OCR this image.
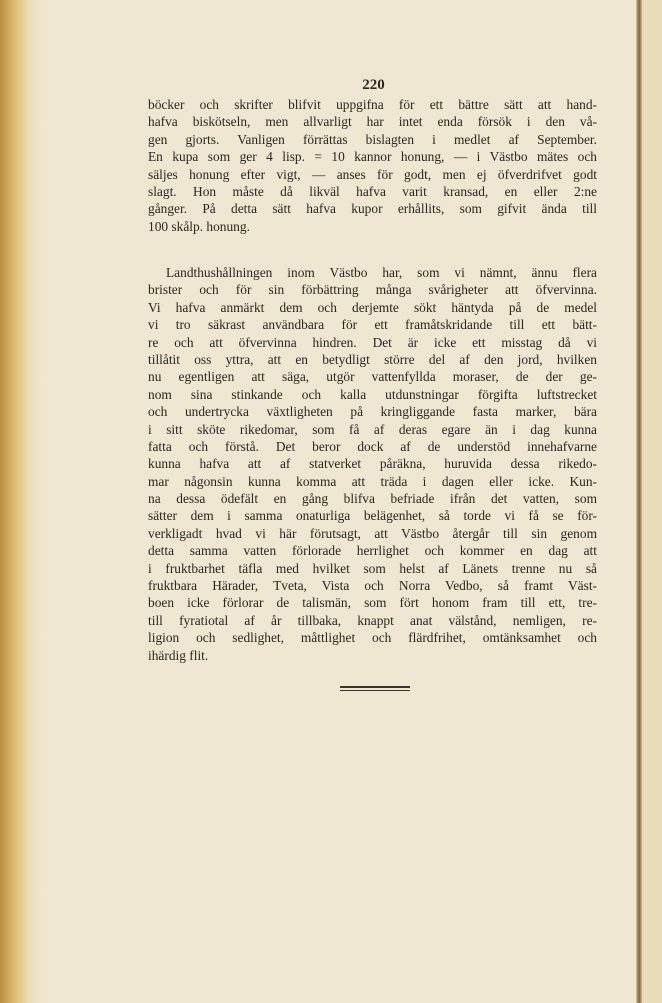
220
böcker och skrifter blifvit uppgifna för ett bättre sätt att hand-
hafva biskötseln, men allvarligt har intet enda försök i den vå-
gen gjorts. Vanligen förrättas bislagten i medlet af September.
En kupa som ger 4 lisp. = 10 kannor honung, — i Västbo mätes och
säljes honung efter vigt, — anses för godt, men ej öfverdrifvet godt
slagt. Hon måste då likväl hafva varit kransad, en eller 2:ne
gånger. På detta sätt hafva kupor erhållits, som gifvit ända till
100 skålp. honung.
Landthushållningen inom Västbo har, som vi nämnt, ännu flera
brister och för sin förbättring många svårigheter att öfvervinna.
Vi hafva anmärkt dem och derjemte sökt häntyda på de medel
vi tro säkrast användbara för ett framåtskridande till ett bätt-
re och att öfvervinna hindren. Det är icke ett misstag då vi
tillåtit oss yttra, att en betydligt större del af den jord, hvilken
nu egentligen att säga, utgör vattenfyllda moraser, de der ge-
nom sina stinkande och kalla utdunstningar förgifta luftstrecket
och undertrycka växtligheten på kringliggande fasta marker, bära
i sitt sköte rikedomar, som få af deras egare än i dag kunna
fatta och förstå. Det beror dock af de understöd innehafvarne
kunna hafva att af statverket påräkna, huruvida dessa rikedo-
mar någonsin kunna komma att träda i dagen eller icke. Kun-
na dessa ödefält en gång blifva befriade ifrån det vatten, som
sätter dem i samma onaturliga belägenhet, så torde vi få se för-
verkligadt hvad vi här förutsagt, att Västbo återgår till sin genom
detta samma vatten förlorade herrlighet och kommer en dag att
i fruktbarhet täfla med hvilket som helst af Länets trenne nu så
fruktbara Härader, Tveta, Vista och Norra Vedbo, så framt Väst-
boen icke förlorar de talismän, som fört honom fram till ett, tre-
till fyratiotal af år tillbaka, knappt anat välstånd, nemligen, re-
ligion och sedlighet, måttlighet och flärdfrihet, omtänksamhet och
ihärdig flit.
